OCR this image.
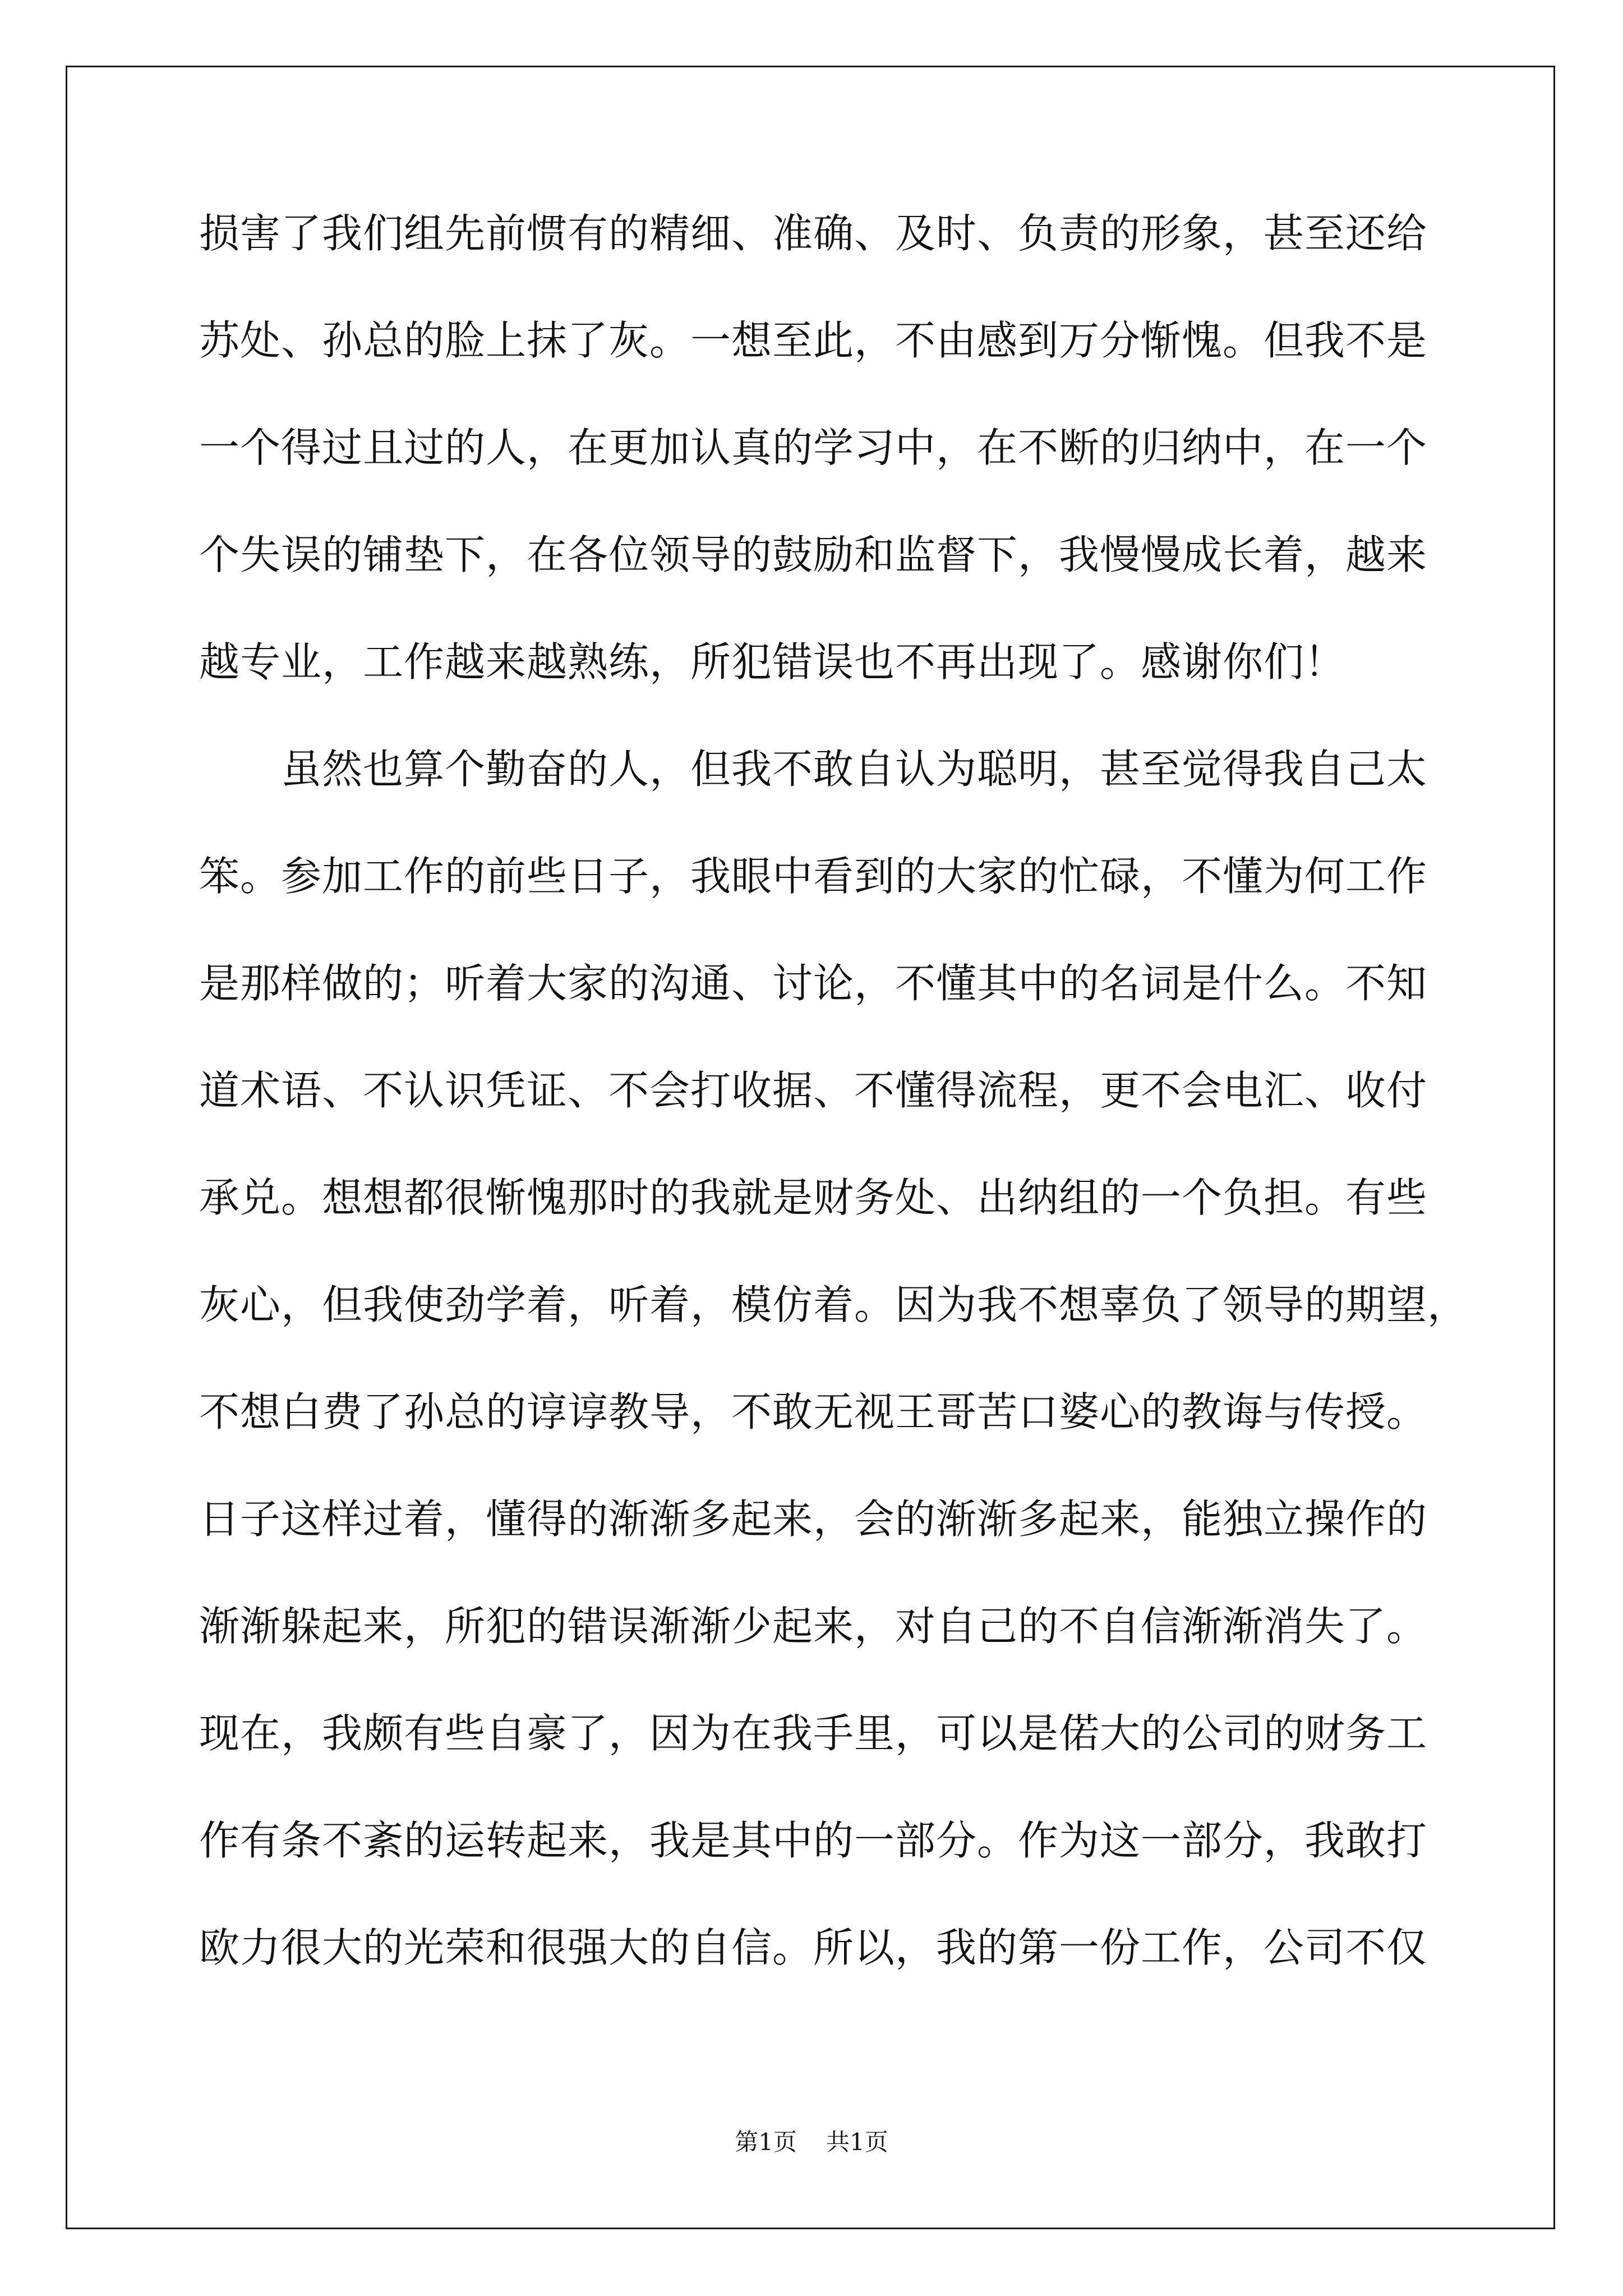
损害了我们组先前惯有的精细、准确、及时、负责的形象，甚至还给
苏处、孙总的脸上抹了灰。一想至此，不由感到万分惭愧。但我不是
一个得过且过的人，在更加认真的学习中，在不断的归纳中，在一个
个失误的铺垫下，在各位领导的鼓励和监督下，我慢慢成长着，越来
越专业，工作越来越熟练，所犯错误也不再出现了。感谢你们！
　　虽然也算个勤奋的人，但我不敢自认为聪明，甚至觉得我自己太
笨。参加工作的前些日子，我眼中看到的大家的忙碌，不懂为何工作
是那样做的；听着大家的沟通、讨论，不懂其中的名词是什么。不知
道术语、不认识凭证、不会打收据、不懂得流程，更不会电汇、收付
承兑。想想都很惭愧那时的我就是财务处、出纳组的一个负担。有些
灰心，但我使劲学着，听着，模仿着。因为我不想辜负了领导的期望，
不想白费了孙总的谆谆教导，不敢无视王哥苦口婆心的教诲与传授。
日子这样过着，懂得的渐渐多起来，会的渐渐多起来，能独立操作的
渐渐躲起来，所犯的错误渐渐少起来，对自己的不自信渐渐消失了。
现在，我颇有些自豪了，因为在我手里，可以是偌大的公司的财务工
作有条不紊的运转起来，我是其中的一部分。作为这一部分，我敢打
欧力很大的光荣和很强大的自信。所以，我的第一份工作，公司不仅
第1页 共1页
